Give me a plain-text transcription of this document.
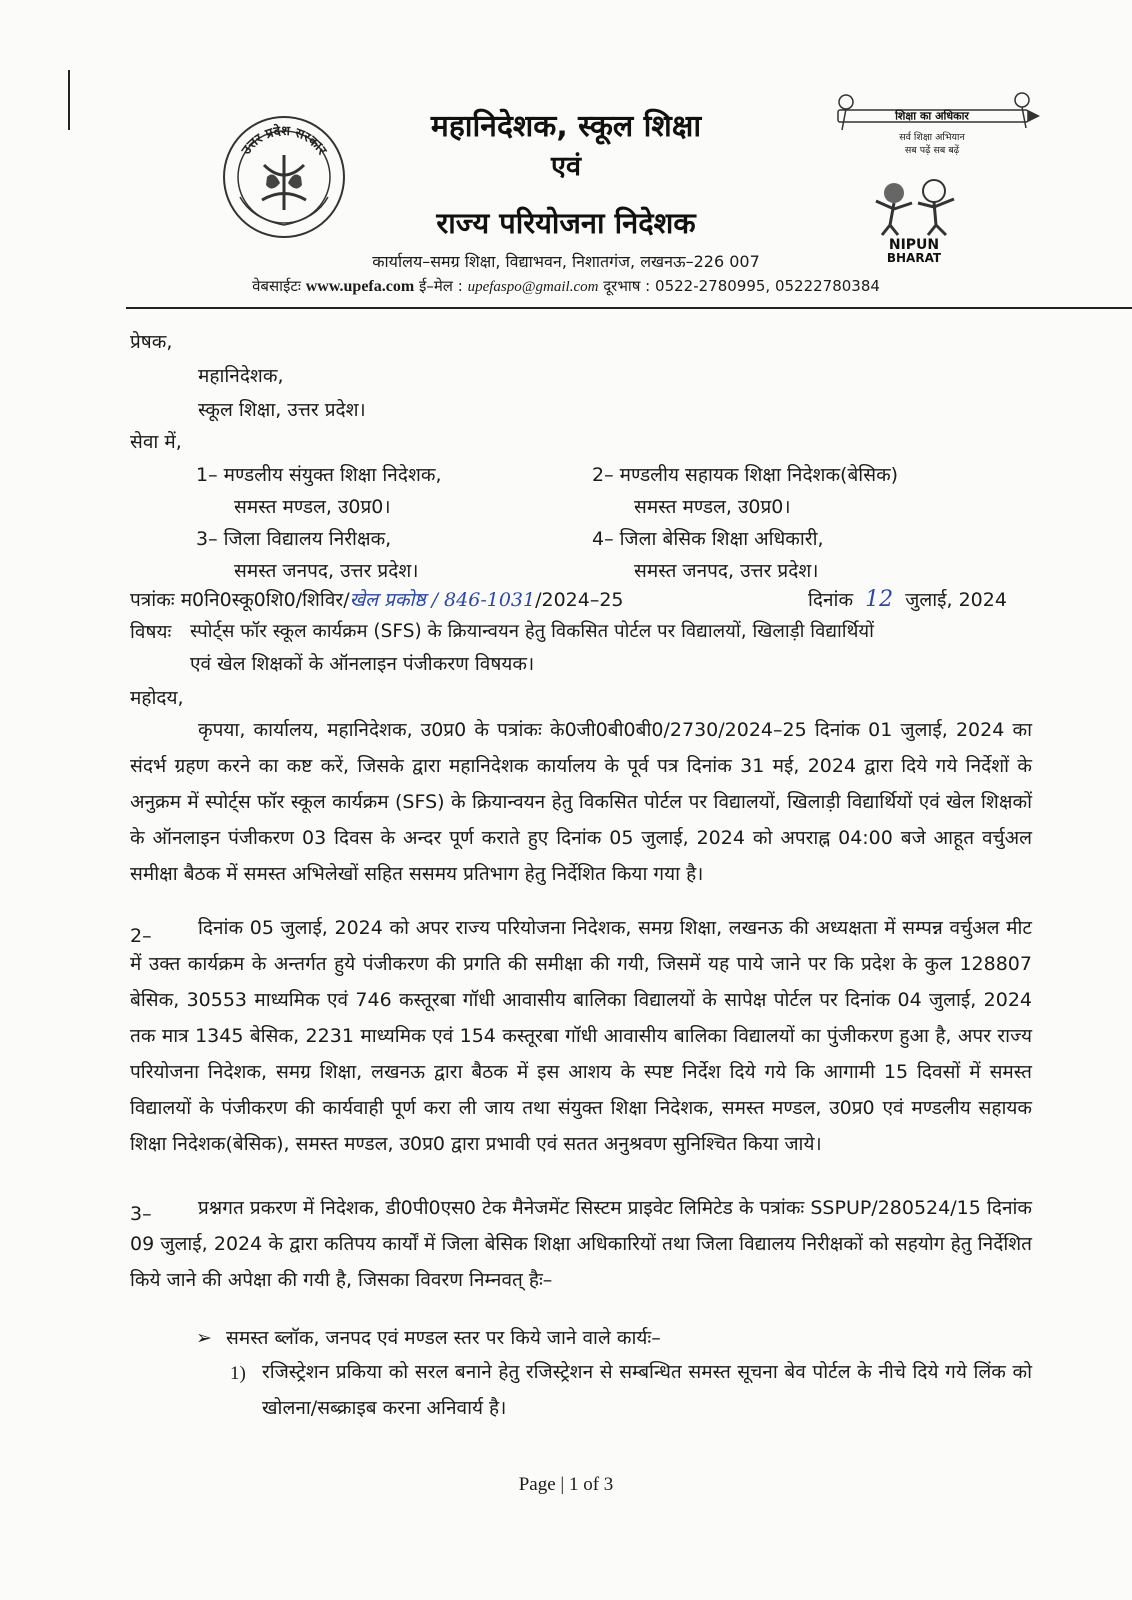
उत्तर प्रदेश सरकार
महानिदेशक, स्कूल शिक्षा
एवं
राज्य परियोजना निदेशक
कार्यालय–समग्र शिक्षा, विद्याभवन, निशातगंज, लखनऊ–226 007
वेबसाईटः www.upefa.com ई–मेल : upefaspo@gmail.com दूरभाष : 0522-2780995, 05222780384
शिक्षा का अधिकार
सर्व शिक्षा अभियान
सब पढ़ें सब बढ़ें
NIPUN
BHARAT
प्रेषक,
महानिदेशक,
स्कूल शिक्षा, उत्तर प्रदेश।
सेवा में,
1– मण्डलीय संयुक्त शिक्षा निदेशक,
समस्त मण्डल, उ0प्र0।
2– मण्डलीय सहायक शिक्षा निदेशक(बेसिक)
समस्त मण्डल, उ0प्र0।
3– जिला विद्यालय निरीक्षक,
समस्त जनपद, उत्तर प्रदेश।
4– जिला बेसिक शिक्षा अधिकारी,
समस्त जनपद, उत्तर प्रदेश।
पत्रांकः म0नि0स्कू0शि0/शिविर/खेल प्रकोष्ठ / 846-1031/2024–25	दिनांक 12 जुलाई, 2024
विषयः स्पोर्ट्स फॉर स्कूल कार्यक्रम (SFS) के क्रियान्वयन हेतु विकसित पोर्टल पर विद्यालयों, खिलाड़ी विद्यार्थियों
एवं खेल शिक्षकों के ऑनलाइन पंजीकरण विषयक।
महोदय,
कृपया, कार्यालय, महानिदेशक, उ0प्र0 के पत्रांकः के0जी0बी0बी0/2730/2024–25 दिनांक 01 जुलाई, 2024 का संदर्भ ग्रहण करने का कष्ट करें, जिसके द्वारा महानिदेशक कार्यालय के पूर्व पत्र दिनांक 31 मई, 2024 द्वारा दिये गये निर्देशों के अनुक्रम में स्पोर्ट्स फॉर स्कूल कार्यक्रम (SFS) के क्रियान्वयन हेतु विकसित पोर्टल पर विद्यालयों, खिलाड़ी विद्यार्थियों एवं खेल शिक्षकों के ऑनलाइन पंजीकरण 03 दिवस के अन्दर पूर्ण कराते हुए दिनांक 05 जुलाई, 2024 को अपराह्न 04:00 बजे आहूत वर्चुअल समीक्षा बैठक में समस्त अभिलेखों सहित ससमय प्रतिभाग हेतु निर्देशित किया गया है।
2–	दिनांक 05 जुलाई, 2024 को अपर राज्य परियोजना निदेशक, समग्र शिक्षा, लखनऊ की अध्यक्षता में सम्पन्न वर्चुअल मीट में उक्त कार्यक्रम के अन्तर्गत हुये पंजीकरण की प्रगति की समीक्षा की गयी, जिसमें यह पाये जाने पर कि प्रदेश के कुल 128807 बेसिक, 30553 माध्यमिक एवं 746 कस्तूरबा गॉधी आवासीय बालिका विद्यालयों के सापेक्ष पोर्टल पर दिनांक 04 जुलाई, 2024 तक मात्र 1345 बेसिक, 2231 माध्यमिक एवं 154 कस्तूरबा गॉधी आवासीय बालिका विद्यालयों का पुंजीकरण हुआ है, अपर राज्य परियोजना निदेशक, समग्र शिक्षा, लखनऊ द्वारा बैठक में इस आशय के स्पष्ट निर्देश दिये गये कि आगामी 15 दिवसों में समस्त विद्यालयों के पंजीकरण की कार्यवाही पूर्ण करा ली जाय तथा संयुक्त शिक्षा निदेशक, समस्त मण्डल, उ0प्र0 एवं मण्डलीय सहायक शिक्षा निदेशक(बेसिक), समस्त मण्डल, उ0प्र0 द्वारा प्रभावी एवं सतत अनुश्रवण सुनिश्चित किया जाये।
3–	प्रश्नगत प्रकरण में निदेशक, डी0पी0एस0 टेक मैनेजमेंट सिस्टम प्राइवेट लिमिटेड के पत्रांकः SSPUP/280524/15 दिनांक 09 जुलाई, 2024 के द्वारा कतिपय कार्यों में जिला बेसिक शिक्षा अधिकारियों तथा जिला विद्यालय निरीक्षकों को सहयोग हेतु निर्देशित किये जाने की अपेक्षा की गयी है, जिसका विवरण निम्नवत् हैः–
➢ समस्त ब्लॉक, जनपद एवं मण्डल स्तर पर किये जाने वाले कार्यः–
1) रजिस्ट्रेशन प्रकिया को सरल बनाने हेतु रजिस्ट्रेशन से सम्बन्धित समस्त सूचना बेव पोर्टल के नीचे दिये गये लिंक को खोलना/सब्क्राइब करना अनिवार्य है।
Page | 1 of 3
